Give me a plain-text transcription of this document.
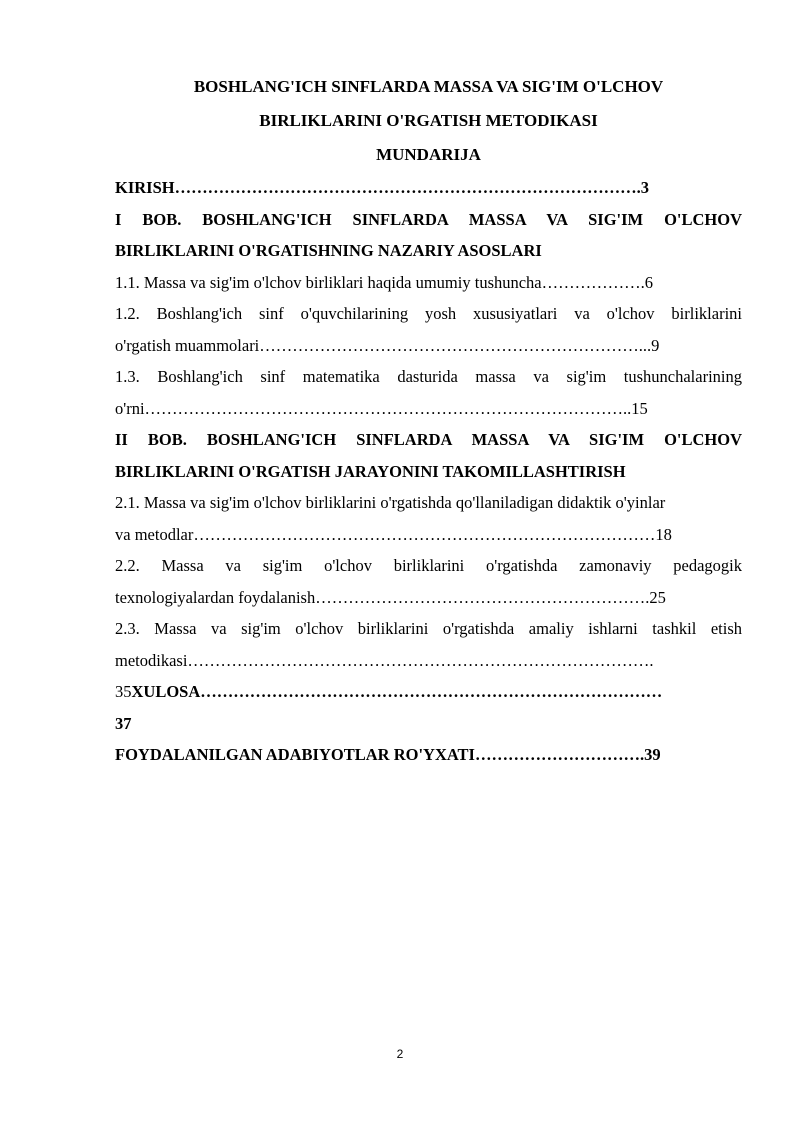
BOSHLANG'ICH SINFLARDA MASSA VA SIG'IM O'LCHOV
BIRLIKLARINI O'RGATISH METODIKASI
MUNDARIJA
KIRISH………………………………………………………………………….3
I BOB. BOSHLANG'ICH SINFLARDA MASSA VA SIG'IM O'LCHOV
BIRLIKLARINI O'RGATISHNING NAZARIY ASOSLARI
1.1. Massa va sig'im o'lchov birliklari haqida umumiy tushuncha……………….6
1.2. Boshlang'ich sinf o'quvchilarining yosh xususiyatlari va o'lchov birliklarini
o'rgatish muammolari……………………………………………………………...9
1.3. Boshlang'ich sinf matematika dasturida massa va sig'im tushunchalarining
o'rni……………………………………………………………………………..15
II BOB. BOSHLANG'ICH SINFLARDA MASSA VA SIG'IM O'LCHOV
BIRLIKLARINI O'RGATISH JARAYONINI TAKOMILLASHTIRISH
2.1. Massa va sig'im o'lchov birliklarini o'rgatishda qo'llaniladigan didaktik o'yinlar
va metodlar…………………………………………………………………………18
2.2. Massa va sig'im o'lchov birliklarini o'rgatishda zamonaviy pedagogik
texnologiyalardan foydalanish…………………………………………………….25
2.3. Massa va sig'im o'lchov birliklarini o'rgatishda amaliy ishlarni tashkil etish
metodikasi………………………………………………………………………….
35XULOSA…………………………………………………………………………
37
FOYDALANILGAN ADABIYOTLAR RO'YXATI………………………….39
2
